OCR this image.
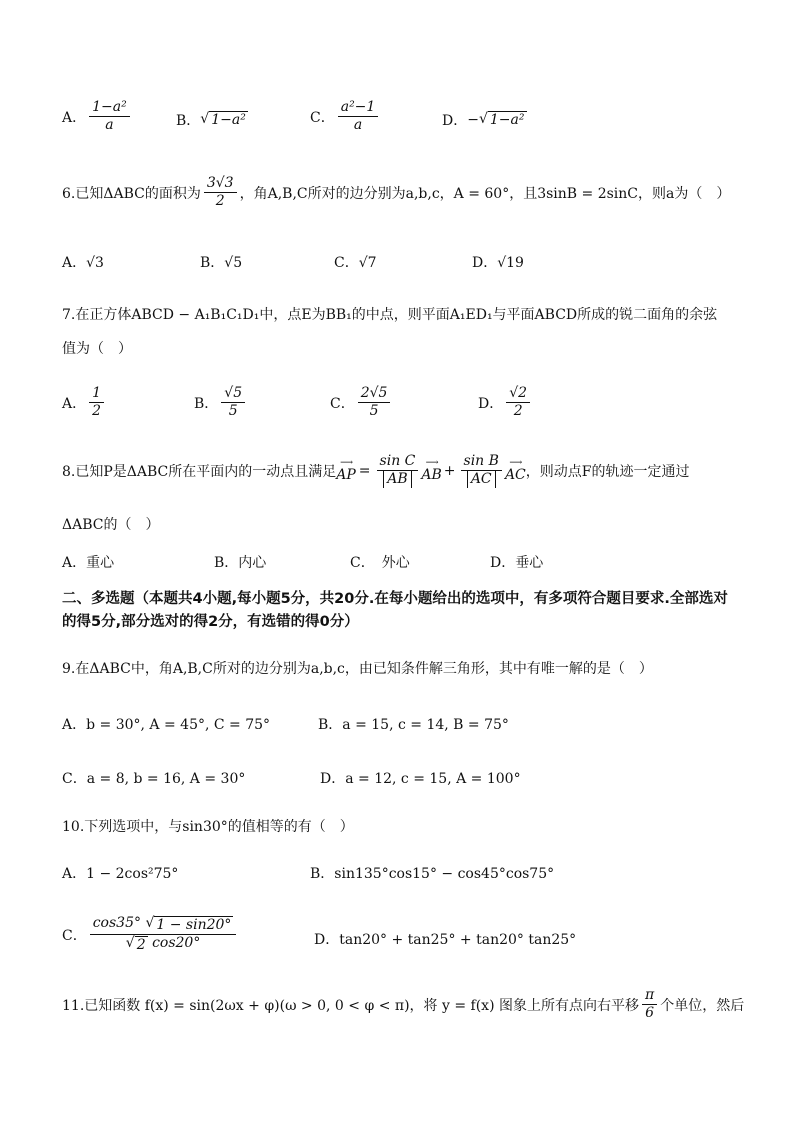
A． $\frac{\text{1−a²}}{a}$	B． √ 1−a²	C． $\frac{\text{a²−1}}{a}$	D． − √ 1−a²
6.已知ΔABC的面积为 $\frac{3√3}{2}$ ，角A,B,C所对的边分别为a,b,c，A = 60°，且3sinB = 2sinC，则a为（　）
A．√3	B．√5	C．√7	D．√19
7.在正方体ABCD − A₁B₁C₁D₁中，点E为BB₁的中点，则平面A₁ED₁与平面ABCD所成的锐二面角的余弦
值为（　）
A． $\frac{1}{2}$	B． $\frac{√5}{5}$	C． $\frac{2√5}{5}$	D． $\frac{√2}{2}$
8.已知P是ΔABC所在平面内的一动点且满足
⟶
AP = $\frac{\text{sin C}}{AB}$ ⟶
AB + $\frac{\text{sin B}}{AC}$ ⟶
AC ，则动点F的轨迹一定通过
ΔABC的（　）
A．重心	B．内心	C．　外心	D．垂心
二、多选题（本题共4小题,每小题5分，共20分.在每小题给出的选项中，有多项符合题目要求.全部选对的得5分,部分选对的得2分，有选错的得0分）
9.在ΔABC中，角A,B,C所对的边分别为a,b,c，由已知条件解三角形，其中有唯一解的是（　）
A．b = 30°, A = 45°, C = 75°	B．a = 15, c = 14, B = 75°
C．a = 8, b = 16, A = 30°	D．a = 12, c = 15, A = 100°
10.下列选项中，与sin30°的值相等的有（　）
A．1 − 2cos²75°	B．sin135°cos15° − cos45°cos75°
C． $\frac{\cos 35^\circ √ 1 - \sin 20^\circ}{√ 2 \cos 20^\circ}$	D．tan20° + tan25° + tan20° tan25°
11.已知函数 f(x) = sin(2ωx + φ)(ω > 0, 0 < φ < π)，将 y = f(x) 图象上所有点向右平移 $\frac{\pi}{6}$ 个单位，然后
